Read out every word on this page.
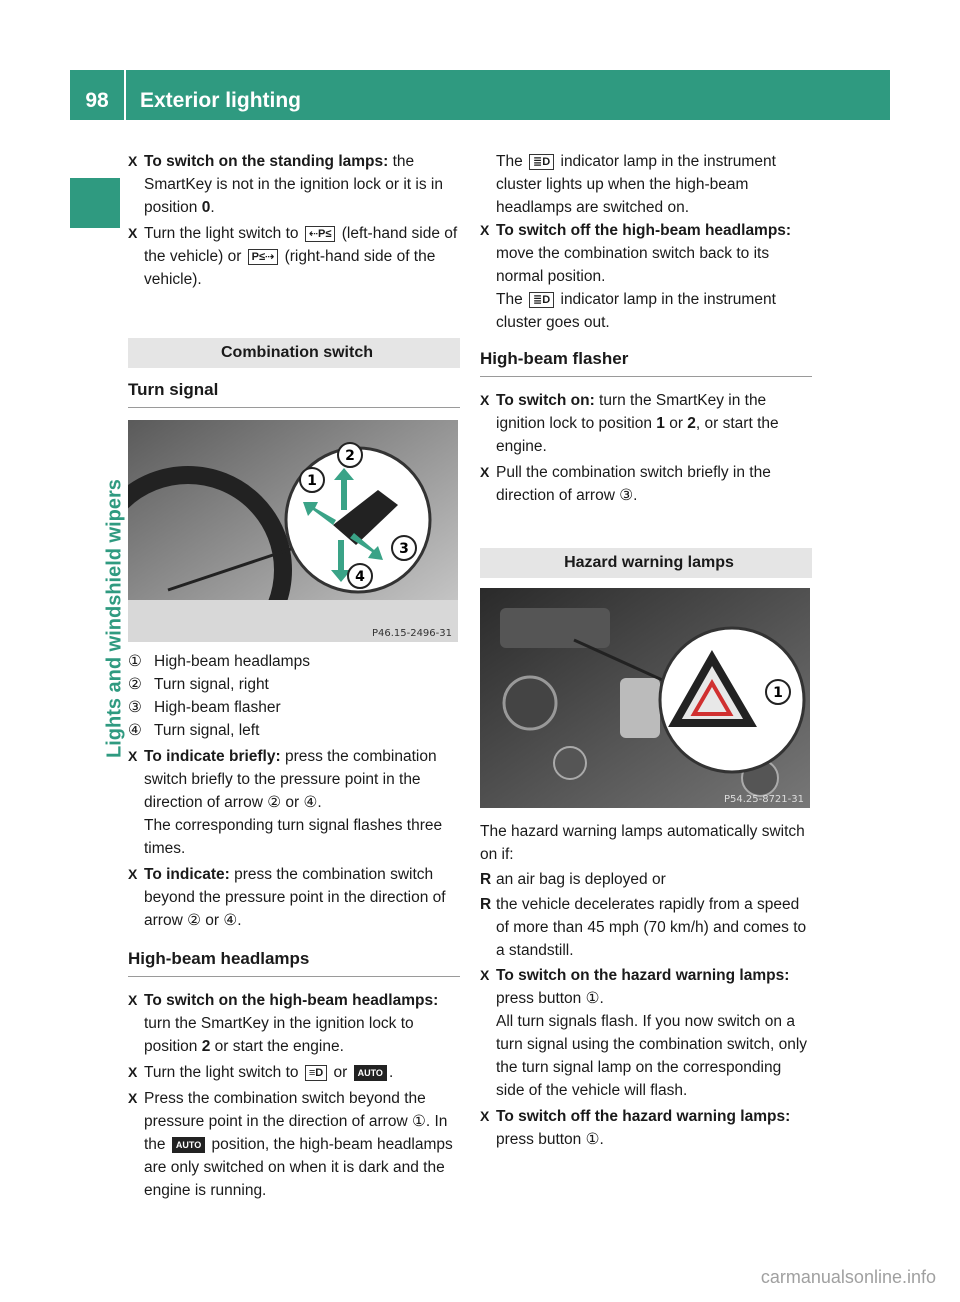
98	Exterior lighting
Lights and windshield wipers
X To switch on the standing lamps: the SmartKey is not in the ignition lock or it is in position 0.
X Turn the light switch to ⇠P≤ (left-hand side of the vehicle) or P≤⇢ (right-hand side of the vehicle).
Combination switch
Turn signal
2
1
3
4
P46.15-2496-31
① High-beam headlamps
② Turn signal, right
③ High-beam flasher
④ Turn signal, left
X To indicate briefly: press the combination switch briefly to the pressure point in the direction of arrow ② or ④.
The corresponding turn signal flashes three times.
X To indicate: press the combination switch beyond the pressure point in the direction of arrow ② or ④.
High-beam headlamps
X To switch on the high-beam headlamps: turn the SmartKey in the ignition lock to position 2 or start the engine.
X Turn the light switch to ≡D or AUTO .
X Press the combination switch beyond the pressure point in the direction of arrow ①. In the AUTO position, the high-beam headlamps are only switched on when it is dark and the engine is running.
The ≣D indicator lamp in the instrument cluster lights up when the high-beam headlamps are switched on.
X To switch off the high-beam headlamps: move the combination switch back to its normal position.
The ≣D indicator lamp in the instrument cluster goes out.
High-beam flasher
X To switch on: turn the SmartKey in the ignition lock to position 1 or 2, or start the engine.
X Pull the combination switch briefly in the direction of arrow ③.
Hazard warning lamps
1
P54.25-8721-31
The hazard warning lamps automatically switch on if:
R an air bag is deployed or
R the vehicle decelerates rapidly from a speed of more than 45 mph (70 km/h) and comes to a standstill.
X To switch on the hazard warning lamps:
press button ①.
All turn signals flash. If you now switch on a turn signal using the combination switch, only the turn signal lamp on the corresponding side of the vehicle will flash.
X To switch off the hazard warning lamps:
press button ①.
carmanualsonline.info
